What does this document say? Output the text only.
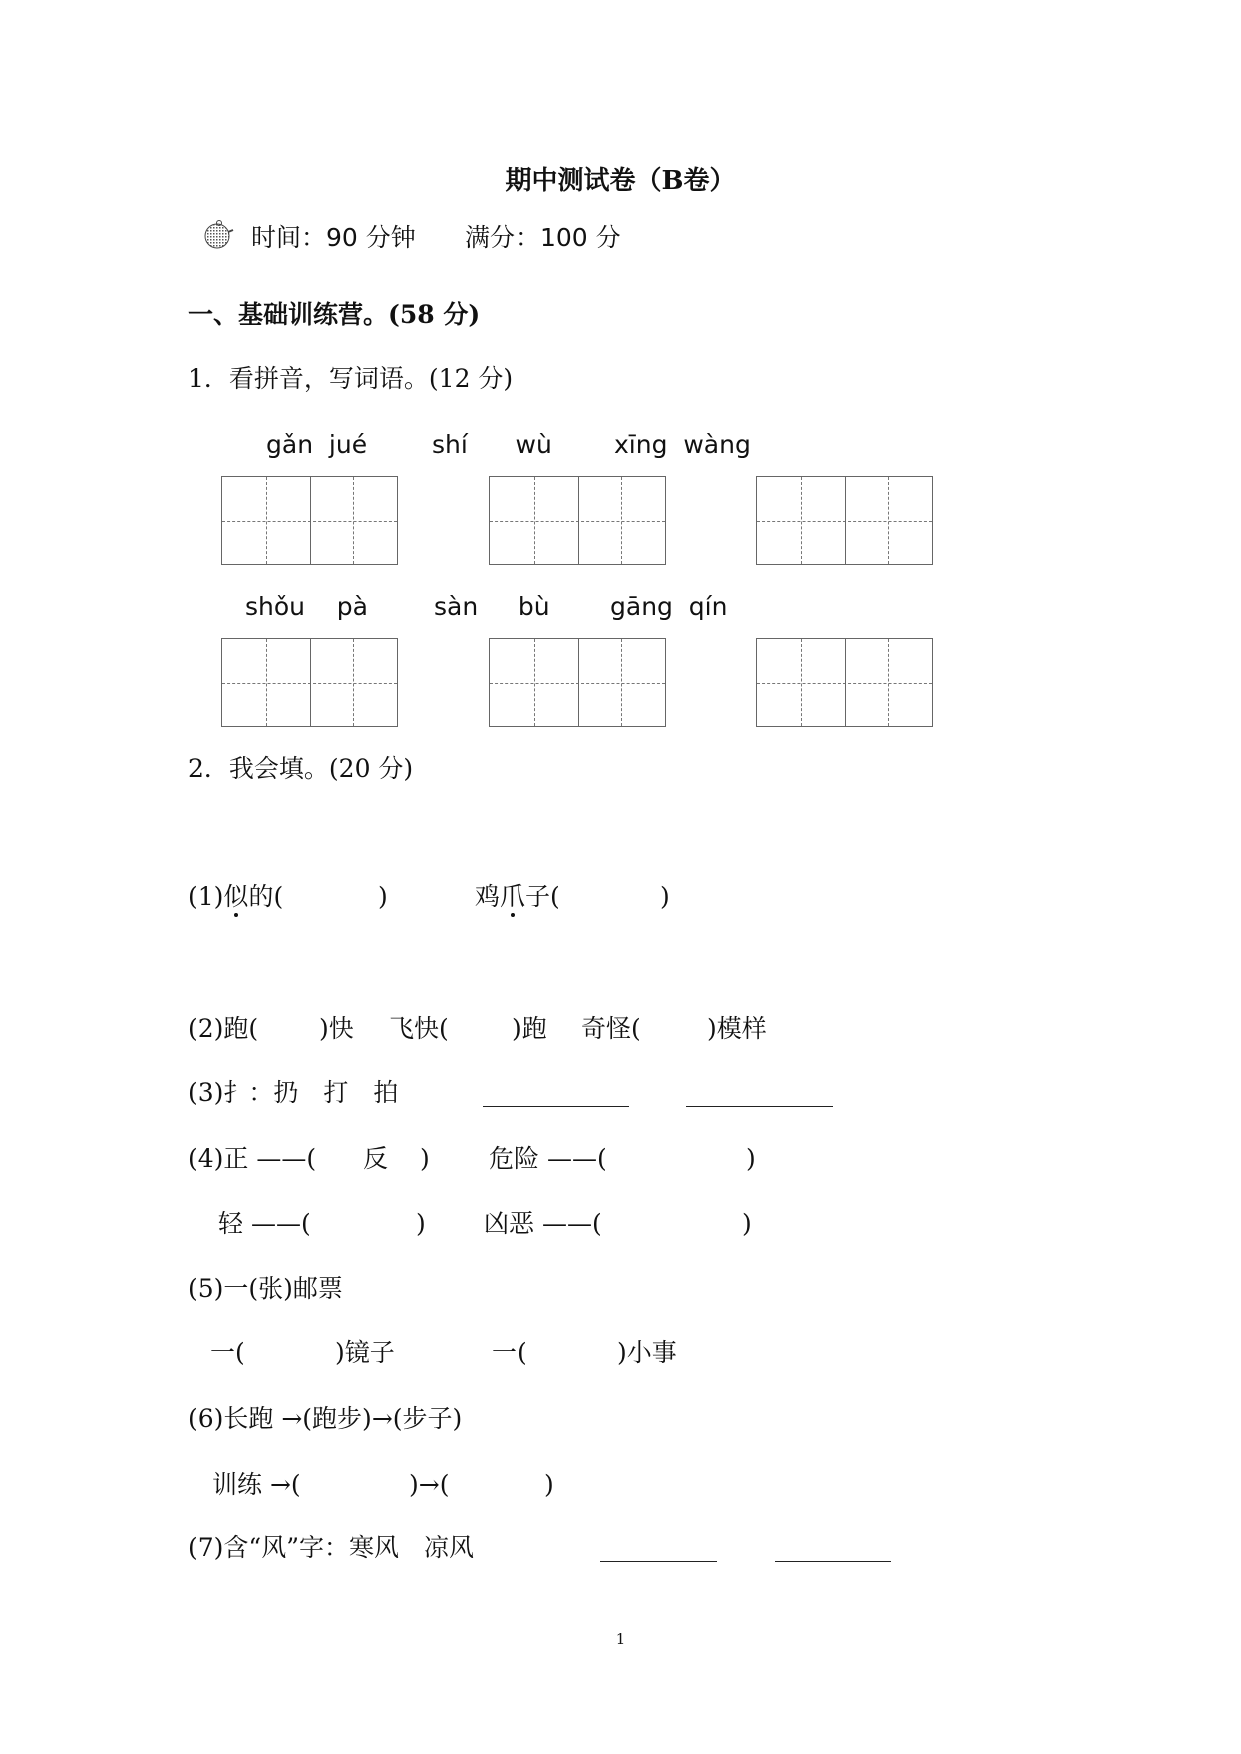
期中测试卷（B卷）
时间：90 分钟 满分：100 分
一、基础训练营。(58 分)
1．看拼音，写词语。(12 分)
gǎn  jué	shí      wù xīng  wàng
shǒu    pà	sàn     bù gāng  qín
2．我会填。(20 分)
(1)似的(	)	鸡爪子(	)
(2)跑( )快 飞快(	)跑 奇怪(	)模样
(3)扌：扔　打　拍
(4)正 ——( 反 ) 危险 ——(	)
轻 ——(	) 凶恶 ——(	)
(5)一(张)邮票
一(	)镜子	一(	)小事
(6)长跑 →(跑步)→(步子)
训练 →(	)→(	)
(7)含“风”字：寒风　凉风
1
